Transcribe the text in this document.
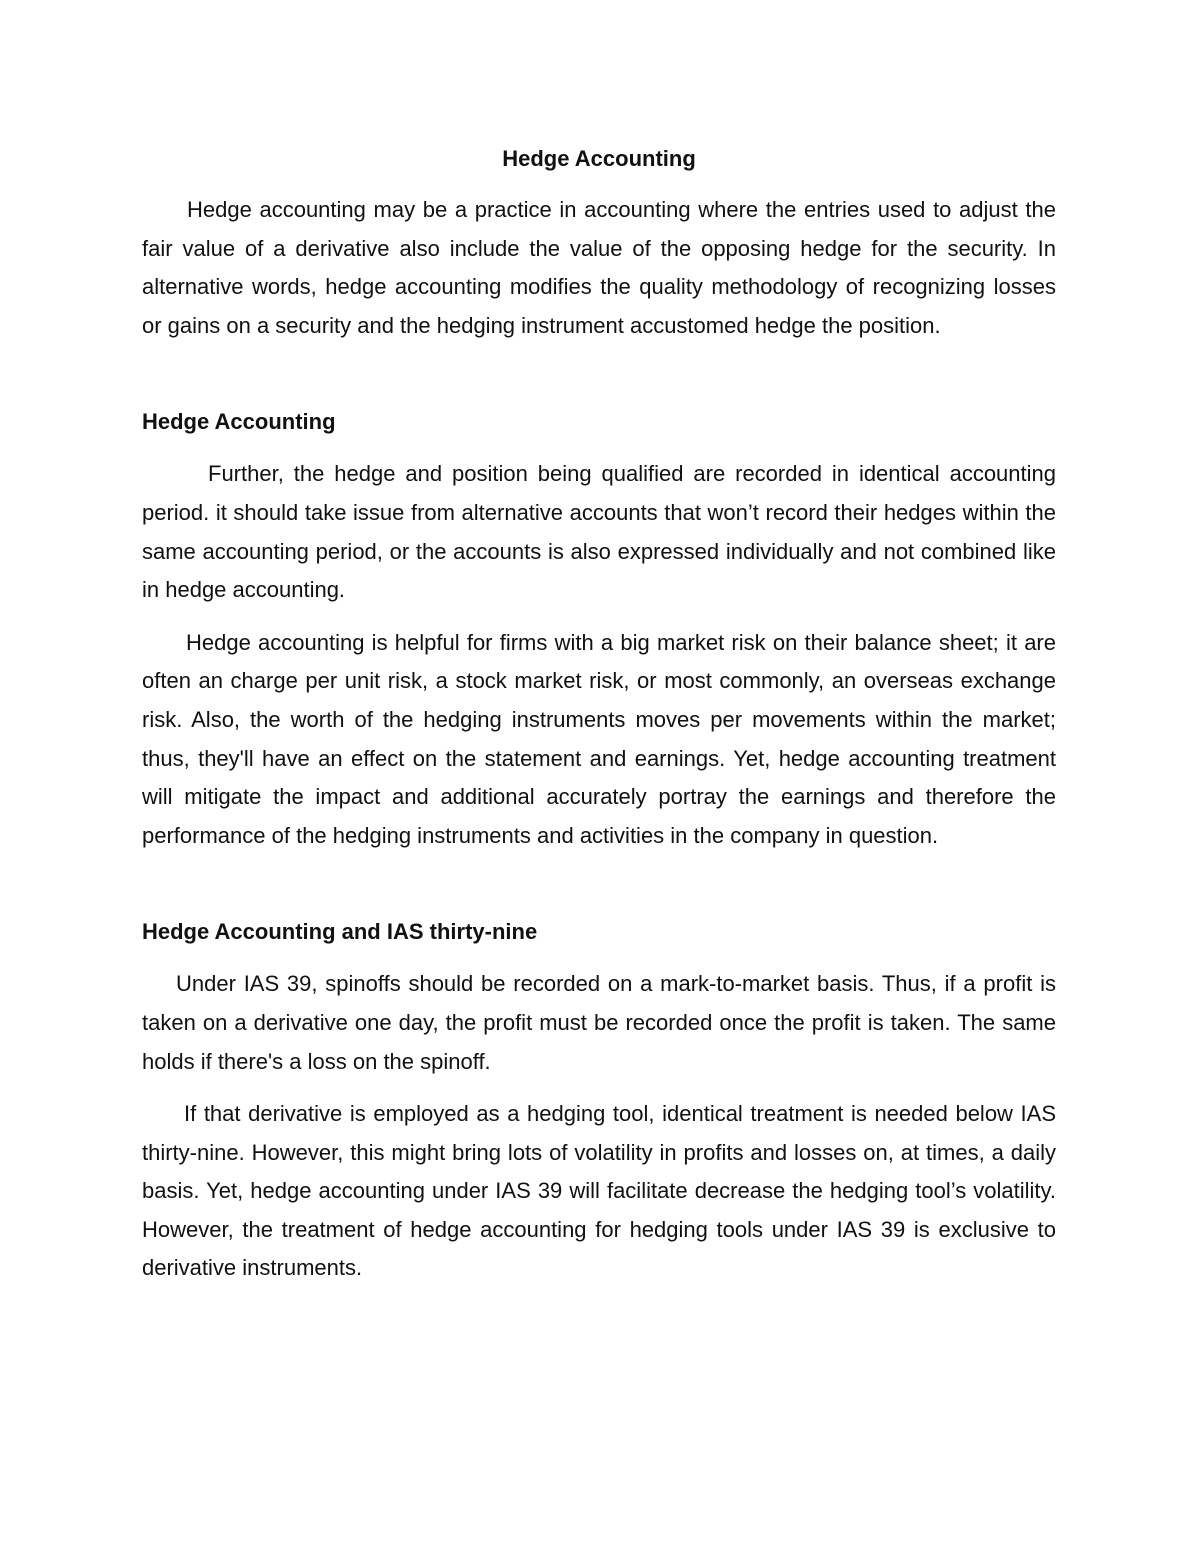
Hedge Accounting

Hedge accounting may be a practice in accounting where the entries used to adjust the fair value of a derivative also include the value of the opposing hedge for the security. In alternative words, hedge accounting modifies the quality methodology of recognizing losses or gains on a security and the hedging instrument accustomed hedge the position.

Hedge Accounting

Further, the hedge and position being qualified are recorded in identical accounting period. it should take issue from alternative accounts that won’t record their hedges within the same accounting period, or the accounts is also expressed individually and not combined like in hedge accounting.

Hedge accounting is helpful for firms with a big market risk on their balance sheet; it are often an charge per unit risk, a stock market risk, or most commonly, an overseas exchange risk. Also, the worth of the hedging instruments moves per movements within the market; thus, they'll have an effect on the statement and earnings. Yet, hedge accounting treatment will mitigate the impact and additional accurately portray the earnings and therefore the performance of the hedging instruments and activities in the company in question.

Hedge Accounting and IAS thirty-nine

Under IAS 39, spinoffs should be recorded on a mark-to-market basis. Thus, if a profit is taken on a derivative one day, the profit must be recorded once the profit is taken. The same holds if there's a loss on the spinoff.

If that derivative is employed as a hedging tool, identical treatment is needed below IAS thirty-nine. However, this might bring lots of volatility in profits and losses on, at times, a daily basis. Yet, hedge accounting under IAS 39 will facilitate decrease the hedging tool’s volatility. However, the treatment of hedge accounting for hedging tools under IAS 39 is exclusive to derivative instruments.
